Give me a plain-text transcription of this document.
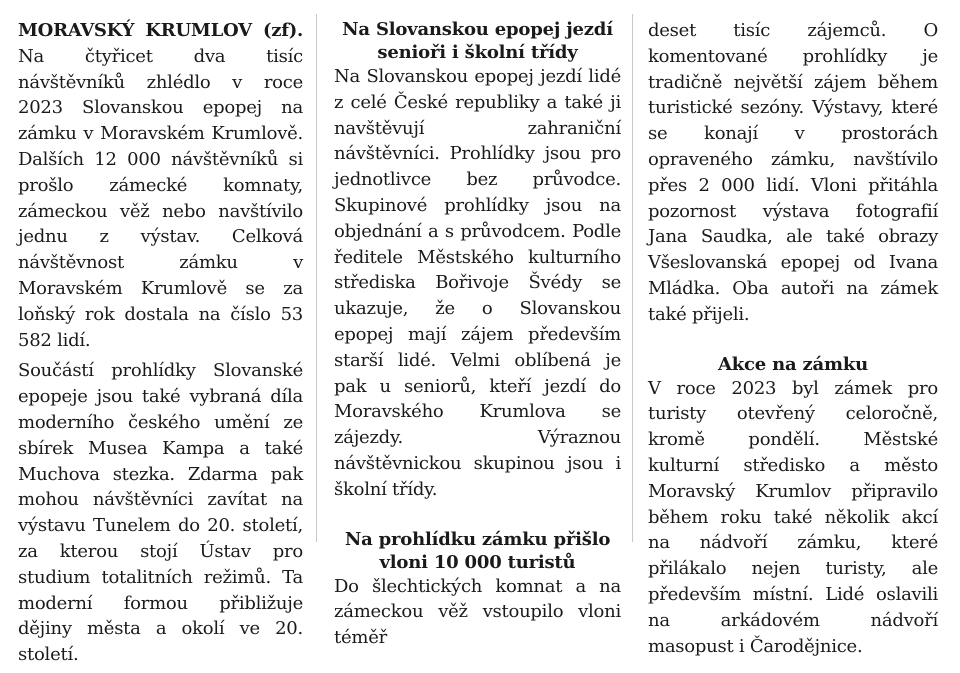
MORAVSKÝ KRUMLOV (zf). Na čtyřicet dva tisíc návštěvníků zhlédlo v roce 2023 Slovanskou epopej na zámku v Moravském Krumlově. Dalších 12 000 návštěvníků si prošlo zámecké komnaty, zámeckou věž nebo navštívilo jednu z výstav. Celková návštěvnost zámku v Moravském Krumlově se za loňský rok dostala na číslo 53 582 lidí.

Součástí prohlídky Slovanské epopeje jsou také vybraná díla moderního českého umění ze sbírek Musea Kampa a také Muchova stezka. Zdarma pak mohou návštěvníci zavítat na výstavu Tunelem do 20. století, za kterou stojí Ústav pro studium totalitních režimů. Ta moderní formou přibližuje dějiny města a okolí ve 20. století.

Na Slovanskou epopej jezdí senioři i školní třídy

Na Slovanskou epopej jezdí lidé z celé České republiky a také ji navštěvují zahraniční návštěvníci. Prohlídky jsou pro jednotlivce bez průvodce. Skupinové prohlídky jsou na objednání a s průvodcem. Podle ředitele Městského kulturního střediska Bořivoje Švédy se ukazuje, že o Slovanskou epopej mají zájem především starší lidé. Velmi oblíbená je pak u seniorů, kteří jezdí do Moravského Krumlova se zájezdy. Výraznou návštěvnickou skupinou jsou i školní třídy.

Na prohlídku zámku přišlo vloni 10 000 turistů

Do šlechtických komnat a na zámeckou věž vstoupilo vloni téměř

deset tisíc zájemců. O komentované prohlídky je tradičně největší zájem během turistické sezóny. Výstavy, které se konají v prostorách opraveného zámku, navštívilo přes 2 000 lidí. Vloni přitáhla pozornost výstava fotografií Jana Saudka, ale také obrazy Všeslovanská epopej od Ivana Mládka. Oba autoři na zámek také přijeli.

Akce na zámku

V roce 2023 byl zámek pro turisty otevřený celoročně, kromě pondělí. Městské kulturní středisko a město Moravský Krumlov připravilo během roku také několik akcí na nádvoří zámku, které přilákalo nejen turisty, ale především místní. Lidé oslavili na arkádovém nádvoří masopust i Čarodějnice.
